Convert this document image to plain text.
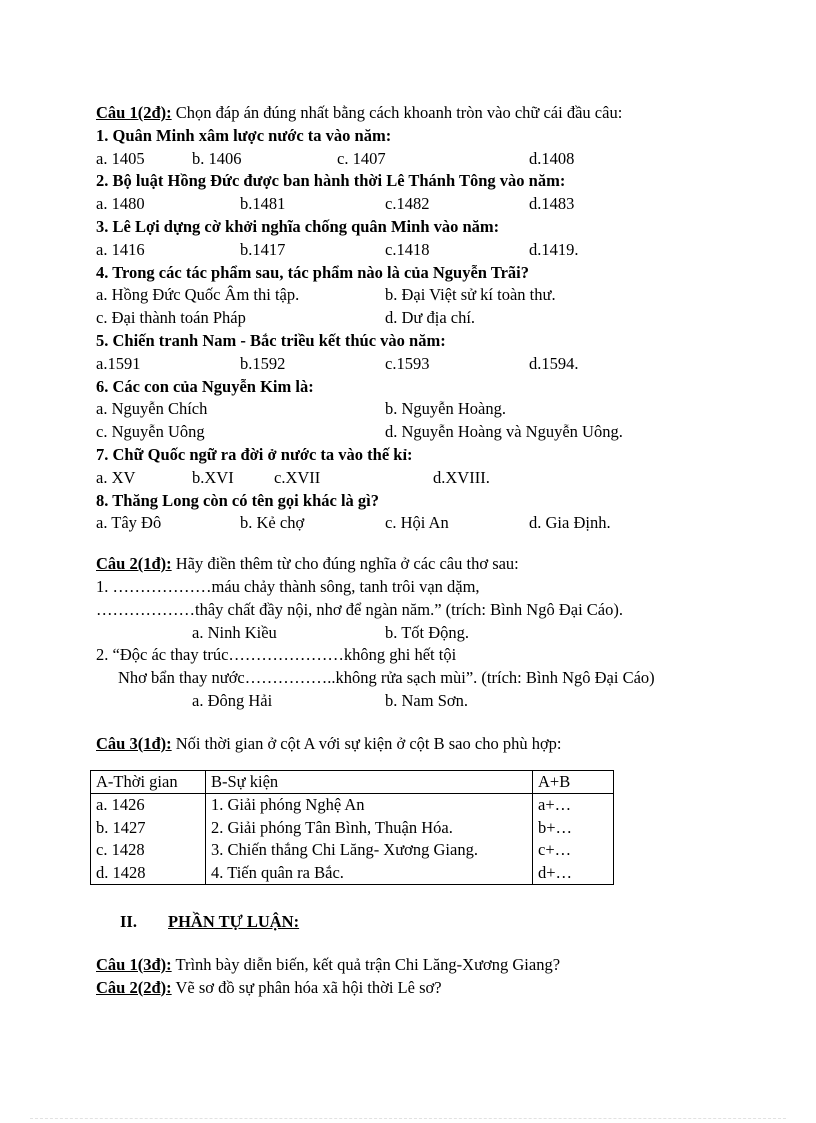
Câu 1(2đ): Chọn đáp án đúng nhất bằng cách khoanh tròn vào chữ cái đầu câu:
1. Quân Minh xâm lược nước ta vào năm:
a. 1405	b. 1406	c. 1407	d.1408
2. Bộ luật Hồng Đức được ban hành thời Lê Thánh Tông vào năm:
a. 1480	b.1481	c.1482	d.1483
3. Lê Lợi dựng cờ khởi nghĩa chống quân Minh vào năm:
a. 1416	b.1417	c.1418	d.1419.
4. Trong các tác phẩm sau, tác phẩm nào là của Nguyễn Trãi?
a. Hồng Đức Quốc Âm thi tập.	b. Đại Việt sử kí toàn thư.
c. Đại thành toán Pháp	d. Dư địa chí.
5. Chiến tranh Nam - Bắc triều kết thúc vào năm:
a.1591	b.1592	c.1593	d.1594.
6. Các con của Nguyễn Kim là:
a. Nguyễn Chích	b. Nguyễn Hoàng.
c. Nguyễn Uông	d. Nguyễn Hoàng và Nguyễn Uông.
7. Chữ Quốc ngữ ra đời ở nước ta vào thế kỉ:
a. XV	b.XVI c.XVII	d.XVIII.
8. Thăng Long còn có tên gọi khác là gì?
a. Tây Đô	b. Kẻ chợ	c. Hội An	d. Gia Định.
Câu 2(1đ): Hãy điền thêm từ cho đúng nghĩa ở các câu thơ sau:
1. ………………máu chảy thành sông, tanh trôi vạn dặm,
………………thây chất đầy nội, nhơ để ngàn năm.” (trích: Bình Ngô Đại Cáo).
a. Ninh Kiều	b. Tốt Động.
2. “Độc ác thay trúc…………………không ghi hết tội
Nhơ bẩn thay nước……………..không rửa sạch mùi”. (trích: Bình Ngô Đại Cáo)
a. Đông Hải	b. Nam Sơn.
Câu 3(1đ): Nối thời gian ở cột A với sự kiện ở cột B sao cho phù hợp:
A-Thời gian	B-Sự kiện	A+B
a. 1426	1. Giải phóng Nghệ An	a+…
b. 1427	2. Giải phóng Tân Bình, Thuận Hóa.	b+…
c. 1428	3. Chiến thắng Chi Lăng- Xương Giang.	c+…
d. 1428	4. Tiến quân ra Bắc.	d+…
II. PHẦN TỰ LUẬN:
Câu 1(3đ): Trình bày diễn biến, kết quả trận Chi Lăng-Xương Giang?
Câu 2(2đ): Vẽ sơ đồ sự phân hóa xã hội thời Lê sơ?
